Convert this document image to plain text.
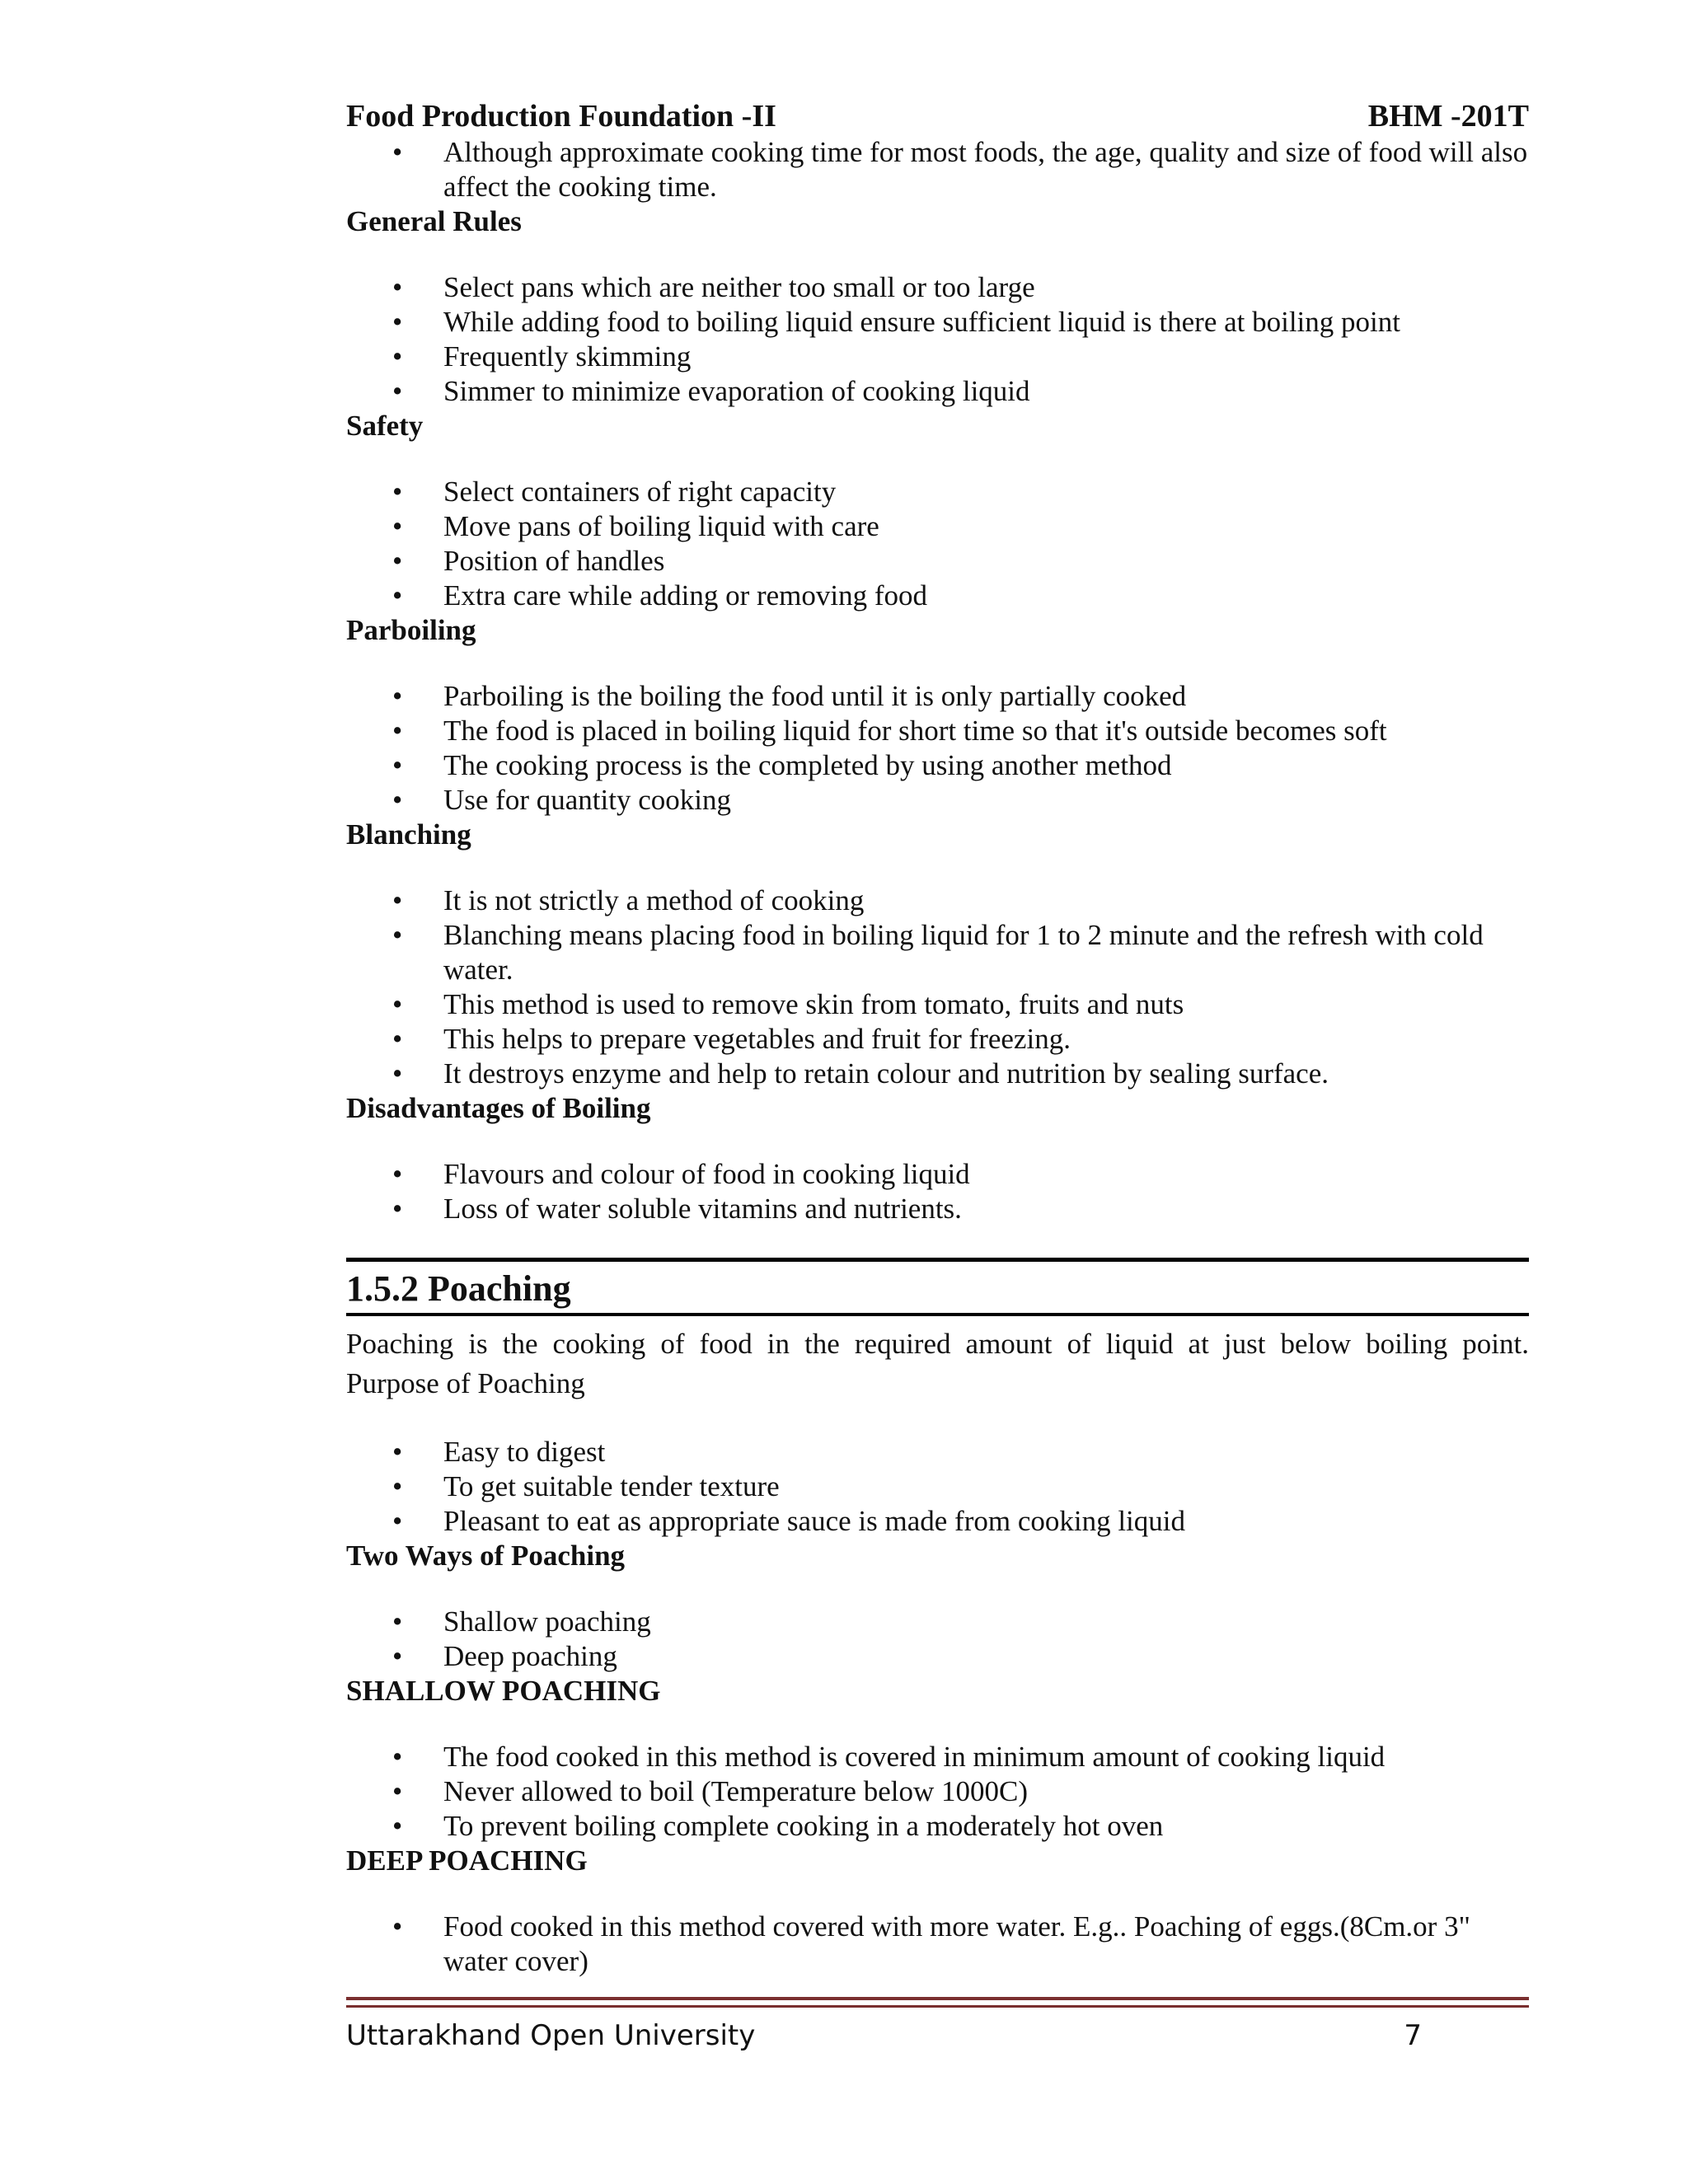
Food Production Foundation -II	BHM -201T
• Although approximate cooking time for most foods, the age, quality and size of food will also affect the cooking time.
General Rules
• Select pans which are neither too small or too large
• While adding food to boiling liquid ensure sufficient liquid is there at boiling point
• Frequently skimming
• Simmer to minimize evaporation of cooking liquid
Safety
• Select containers of right capacity
• Move pans of boiling liquid with care
• Position of handles
• Extra care while adding or removing food
Parboiling
• Parboiling is the boiling the food until it is only partially cooked
• The food is placed in boiling liquid for short time so that it's outside becomes soft
• The cooking process is the completed by using another method
• Use for quantity cooking
Blanching
• It is not strictly a method of cooking
• Blanching means placing food in boiling liquid for 1 to 2 minute and the refresh with cold water.
• This method is used to remove skin from tomato, fruits and nuts
• This helps to prepare vegetables and fruit for freezing.
• It destroys enzyme and help to retain colour and nutrition by sealing surface.
Disadvantages of Boiling
• Flavours and colour of food in cooking liquid
• Loss of water soluble vitamins and nutrients.
1.5.2 Poaching
Poaching is the cooking of food in the required amount of liquid at just below boiling point.
Purpose of Poaching
• Easy to digest
• To get suitable tender texture
• Pleasant to eat as appropriate sauce is made from cooking liquid
Two Ways of Poaching
• Shallow poaching
• Deep poaching
SHALLOW POACHING
• The food cooked in this method is covered in minimum amount of cooking liquid
• Never allowed to boil (Temperature below 1000C)
• To prevent boiling complete cooking in a moderately hot oven
DEEP POACHING
• Food cooked in this method covered with more water. E.g.. Poaching of eggs.(8Cm.or 3" water cover)
Uttarakhand Open University	7
